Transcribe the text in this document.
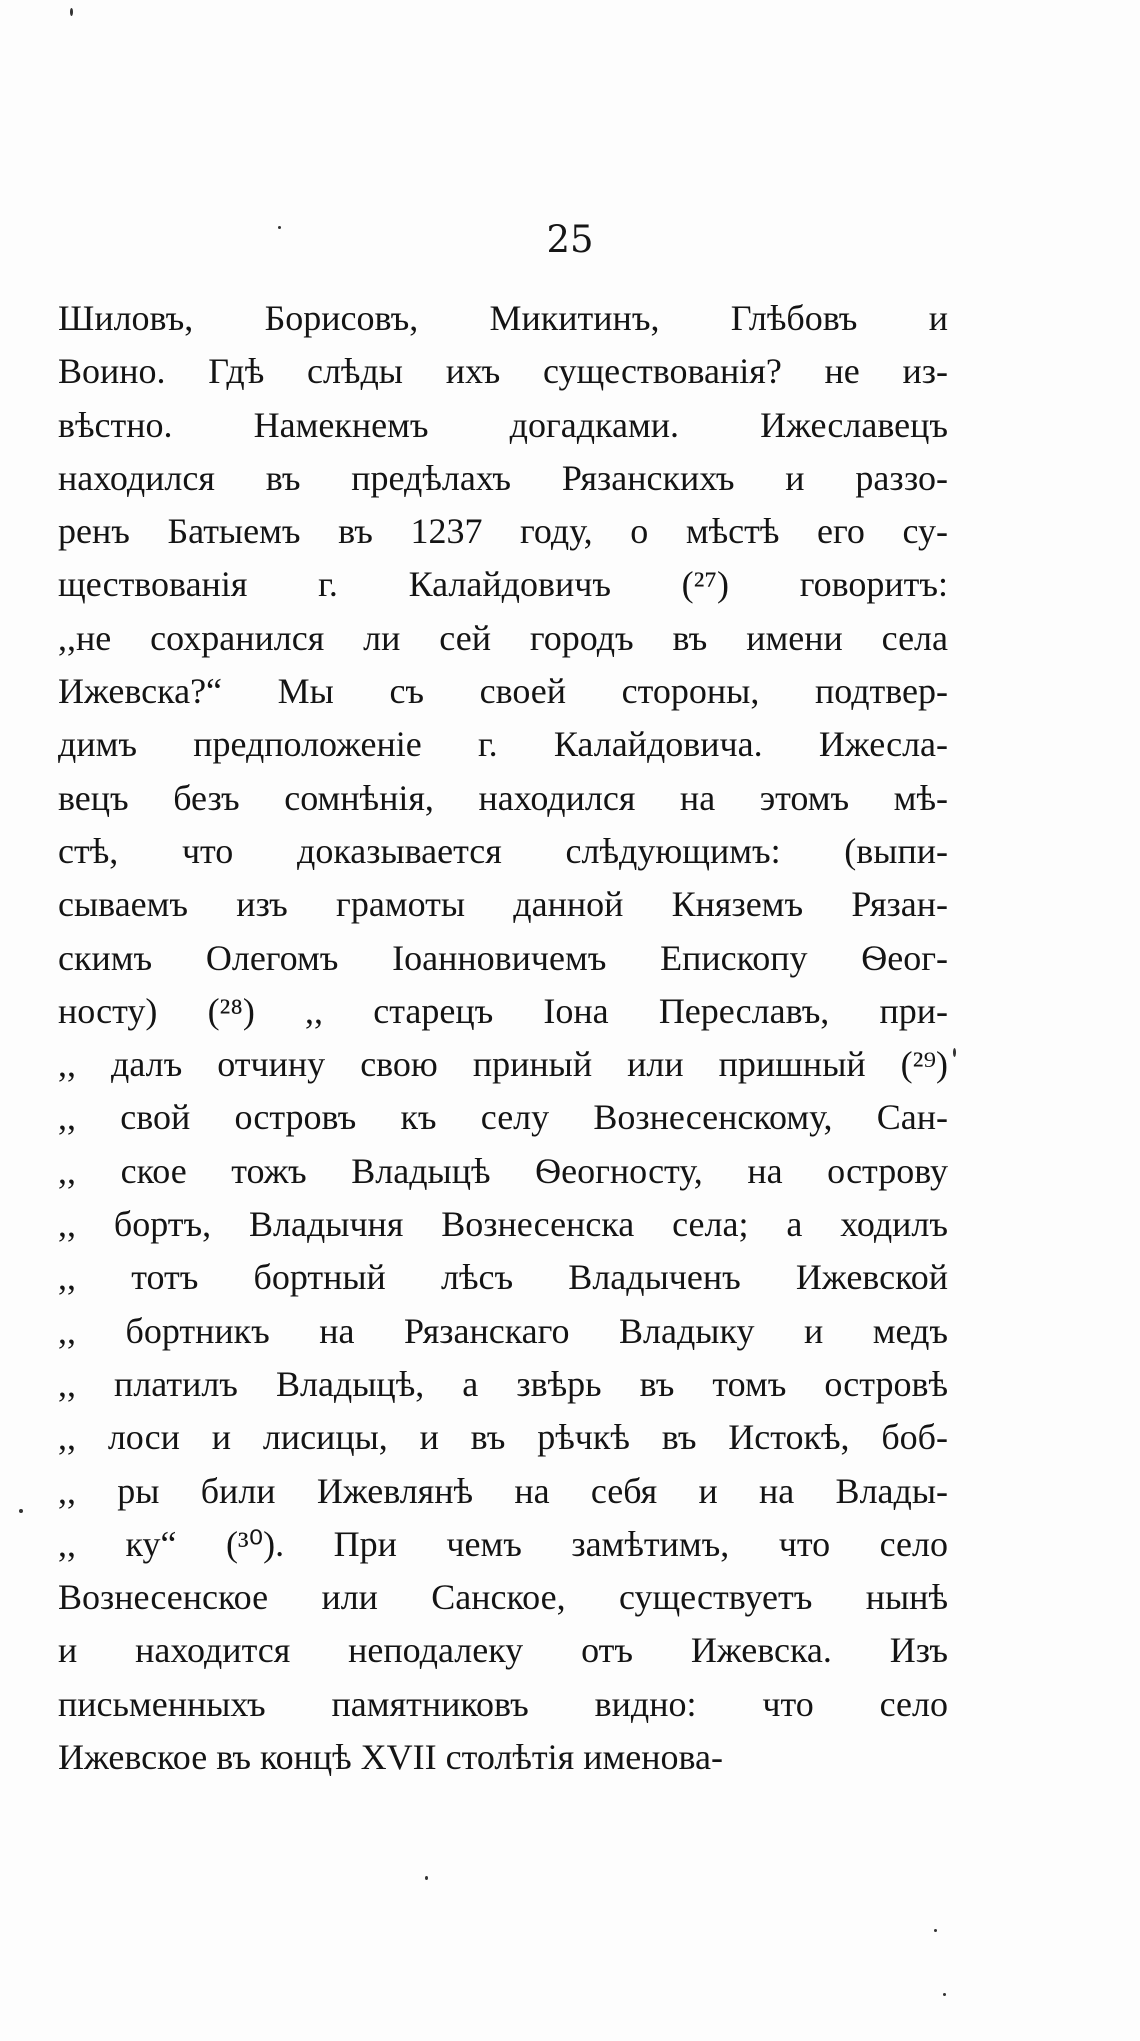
25
Шиловъ, Борисовъ, Микитинъ, Глѣбовъ и
Воино. Гдѣ слѣды ихъ существованія? не из-
вѣстно. Намекнемъ догадками. Ижеславецъ
находился въ предѣлахъ Рязанскихъ и раззо-
ренъ Батыемъ въ 1237 году, о мѣстѣ его су-
ществованія г. Калайдовичъ (²⁷) говоритъ:
,,не сохранился ли сей городъ въ имени села
Ижевска?“ Мы съ своей стороны, подтвер-
димъ предположеніе г. Калайдовича. Ижесла-
вецъ безъ сомнѣнія, находился на этомъ мѣ-
стѣ, что доказывается слѣдующимъ: (выпи-
сываемъ изъ грамоты данной Княземъ Рязан-
скимъ Олегомъ Іоанновичемъ Епископу Ѳеог-
носту) (²⁸) ,, старецъ Іона Переславъ, при-
,, далъ отчину свою приный или пришный (²⁹)
,, свой островъ къ селу Вознесенскому, Сан-
,, ское тожъ Владыцѣ Ѳеогносту, на острову
,, бортъ, Владычня Вознесенска села; а ходилъ
,, тотъ бортный лѣсъ Владыченъ Ижевской
,, бортникъ на Рязанскаго Владыку и медъ
,, платилъ Владыцѣ, а звѣрь въ томъ островѣ
,, лоси и лисицы, и въ рѣчкѣ въ Истокѣ, боб-
,, ры били Ижевлянѣ на себя и на Влады-
,, ку“ (³⁰). При чемъ замѣтимъ, что село
Вознесенское или Санское, существуетъ нынѣ
и находится неподалеку отъ Ижевска. Изъ
письменныхъ памятниковъ видно: что село
Ижевское въ концѣ XVII столѣтія именова-
